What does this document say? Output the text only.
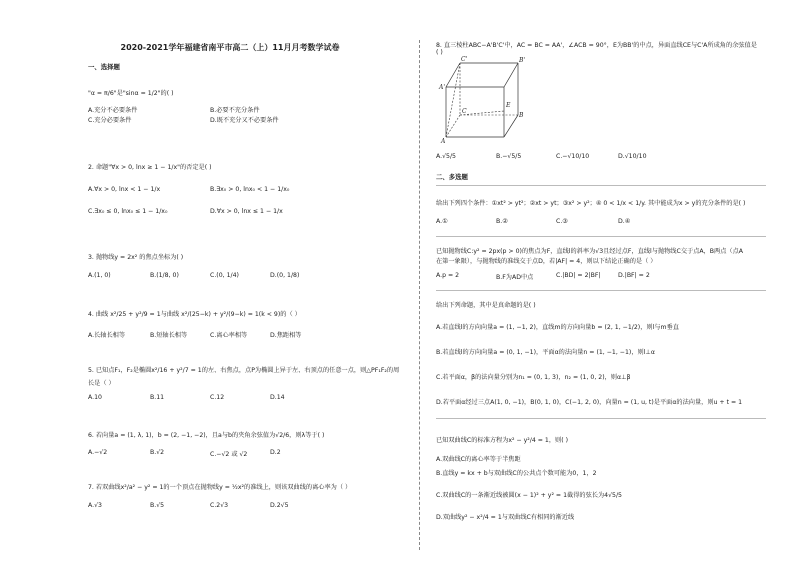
2020-2021学年福建省南平市高二（上）11月月考数学试卷
一、选择题
"α = π/6"是"sinα = 1/2"的( )
A.充分不必要条件	B.必要不充分条件
C.充分必要条件	D.既不充分又不必要条件
2. 命题"∀x > 0, lnx ≥ 1 − 1/x"的否定是( )
A.∀x > 0, lnx < 1 − 1/x	B.∃x₀ > 0, lnx₀ < 1 − 1/x₀
C.∃x₀ ≤ 0, lnx₀ ≤ 1 − 1/x₀	D.∀x > 0, lnx ≤ 1 − 1/x
3. 抛物线y = 2x² 的焦点坐标为( )
A.(1, 0)	B.(1/8, 0)	C.(0, 1/4)	D.(0, 1/8)
4. 曲线 x²/25 + y²/9 = 1与曲线 x²/(25−k) + y²/(9−k) = 1(k < 9)的（ ）
A.长轴长相等	B.短轴长相等	C.离心率相等	D.焦距相等
5. 已知点F₁，F₂是椭圆x²/16 + y²/7 = 1的左、右焦点，点P为椭圆上异于左、右顶点的任意一点，则△PF₁F₂的周
长是（ ）
A.10	B.11	C.12	D.14
6. 若向量a = (1, λ, 1)，b = (2, −1, −2)，且a与b的夹角余弦值为√2/6，则λ等于( )
A.−√2	B.√2	C.−√2 或 √2	D.2
7. 若双曲线x²/a² − y² = 1的一个顶点在抛物线y = ½x²的准线上，则该双曲线的离心率为（ ）
A.√3	B.√5	C.2√3	D.2√5
8. 直三棱柱ABC−A'B'C'中，AC = BC = AA'，∠ACB = 90°，E为BB'的中点，异面直线CE与C'A所成角的余弦值是
( )
C'	B'
A'
C
B
A
E
A.√5/5	B.−√5/5	C.−√10/10	D.√10/10
二、多选题
给出下列四个条件：①xt² > yt²；②xt > yt；③x² > y²；④ 0 < 1/x < 1/y. 其中能成为x > y的充分条件的是( )
A.①	B.②	C.③	D.④
已知抛物线C:y² = 2px(p > 0)的焦点为F，直线l的斜率为√3且经过点F，直线l与抛物线C交于点A，B两点（点A
在第一象限），与抛物线的准线交于点D，若|AF| = 4，则以下结论正确的是（ ）
A.p = 2	B.F为AD中点	C.|BD| = 2|BF|	D.|BF| = 2
给出下列命题，其中是真命题的是( )
A.若直线l的方向向量a = (1, −1, 2)，直线m的方向向量b = (2, 1, −1/2)，则l与m垂直
B.若直线l的方向向量a = (0, 1, −1)，平面α的法向量n = (1, −1, −1)，则l⊥α
C.若平面α，β的法向量分别为n₁ = (0, 1, 3)，n₂ = (1, 0, 2)，则α⊥β
D.若平面α经过三点A(1, 0, −1)，B(0, 1, 0)，C(−1, 2, 0)，向量n = (1, u, t)是平面α的法向量，则u + t = 1
已知双曲线C的标准方程为x² − y²/4 = 1，则( )
A.双曲线C的离心率等于半焦距
B.直线y = kx + b与双曲线C的公共点个数可能为0，1，2
C.双曲线C的一条渐近线被圆(x − 1)² + y² = 1截得的弦长为4√5/5
D.双曲线y² − x²/4 = 1与双曲线C有相同的渐近线
